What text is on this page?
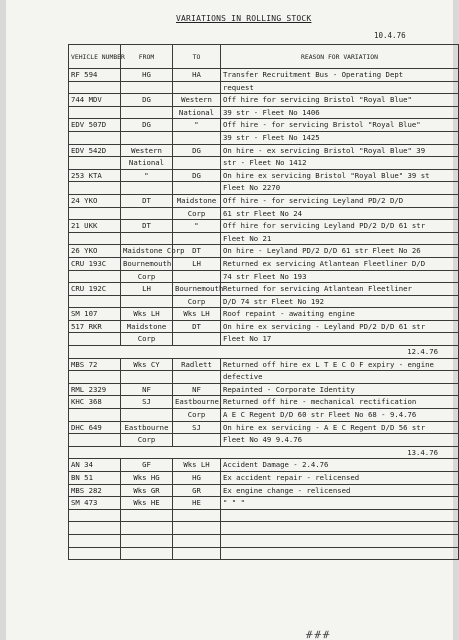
VARIATIONS IN ROLLING STOCK
10.4.76
VEHICLE NUMBER	FROM	TO	REASON FOR VARIATION
RF 594	HG	HA	Transfer Recruitment Bus - Operating Dept
			request
744 MDV	DG	Western	Off hire for servicing Bristol "Royal Blue"
		National	39 str - Fleet No 1406
EDV 507D	DG	"	Off hire - for servicing Bristol "Royal Blue"
			39 str - Fleet No 1425
EDV 542D	Western	DG	On hire - ex servicing Bristol "Royal Blue" 39
	National		str - Fleet No 1412
253 KTA	"	DG	On hire ex servicing Bristol "Royal Blue" 39 st
			Fleet No 2270
24 YKO	DT	Maidstone	Off hire - for servicing Leyland PD/2 D/D
		Corp	61 str Fleet No 24
21 UKK	DT	"	Off hire for servicing Leyland PD/2 D/D 61 str
			Fleet No 21
26 YKO	Maidstone Corp	DT	On hire - Leyland PD/2 D/D 61 str Fleet No 26
CRU 193C	Bournemouth	LH	Returned ex servicing Atlantean Fleetliner D/D
	Corp		74 str Fleet No 193
CRU 192C	LH	Bournemouth	Returned for servicing Atlantean Fleetliner
		Corp	D/D 74 str Fleet No 192
SM 107	Wks LH	Wks LH	Roof repaint - awaiting engine
517 RKR	Maidstone	DT	On hire ex servicing - Leyland PD/2 D/D 61 str
	Corp		Fleet No 17
12.4.76			
MBS 72	Wks CY	Radlett	Returned off hire ex L T E C O F expiry - engine
			defective
RML 2329	NF	NF	Repainted - Corporate Identity
KHC 368	SJ	Eastbourne	Returned off hire - mechanical rectification
		Corp	A E C Regent D/D 60 str Fleet No 68 - 9.4.76
DHC 649	Eastbourne	SJ	On hire ex servicing - A E C Regent D/D 56 str
	Corp		Fleet No 49 9.4.76
13.4.76			
AN 34	GF	Wks LH	Accident Damage - 2.4.76
BN 51	Wks HG	HG	Ex accident repair - relicensed
MBS 282	Wks GR	GR	Ex engine change - relicensed
SM 473	Wks HE	HE	" " "

ᚌᚌᚌ
